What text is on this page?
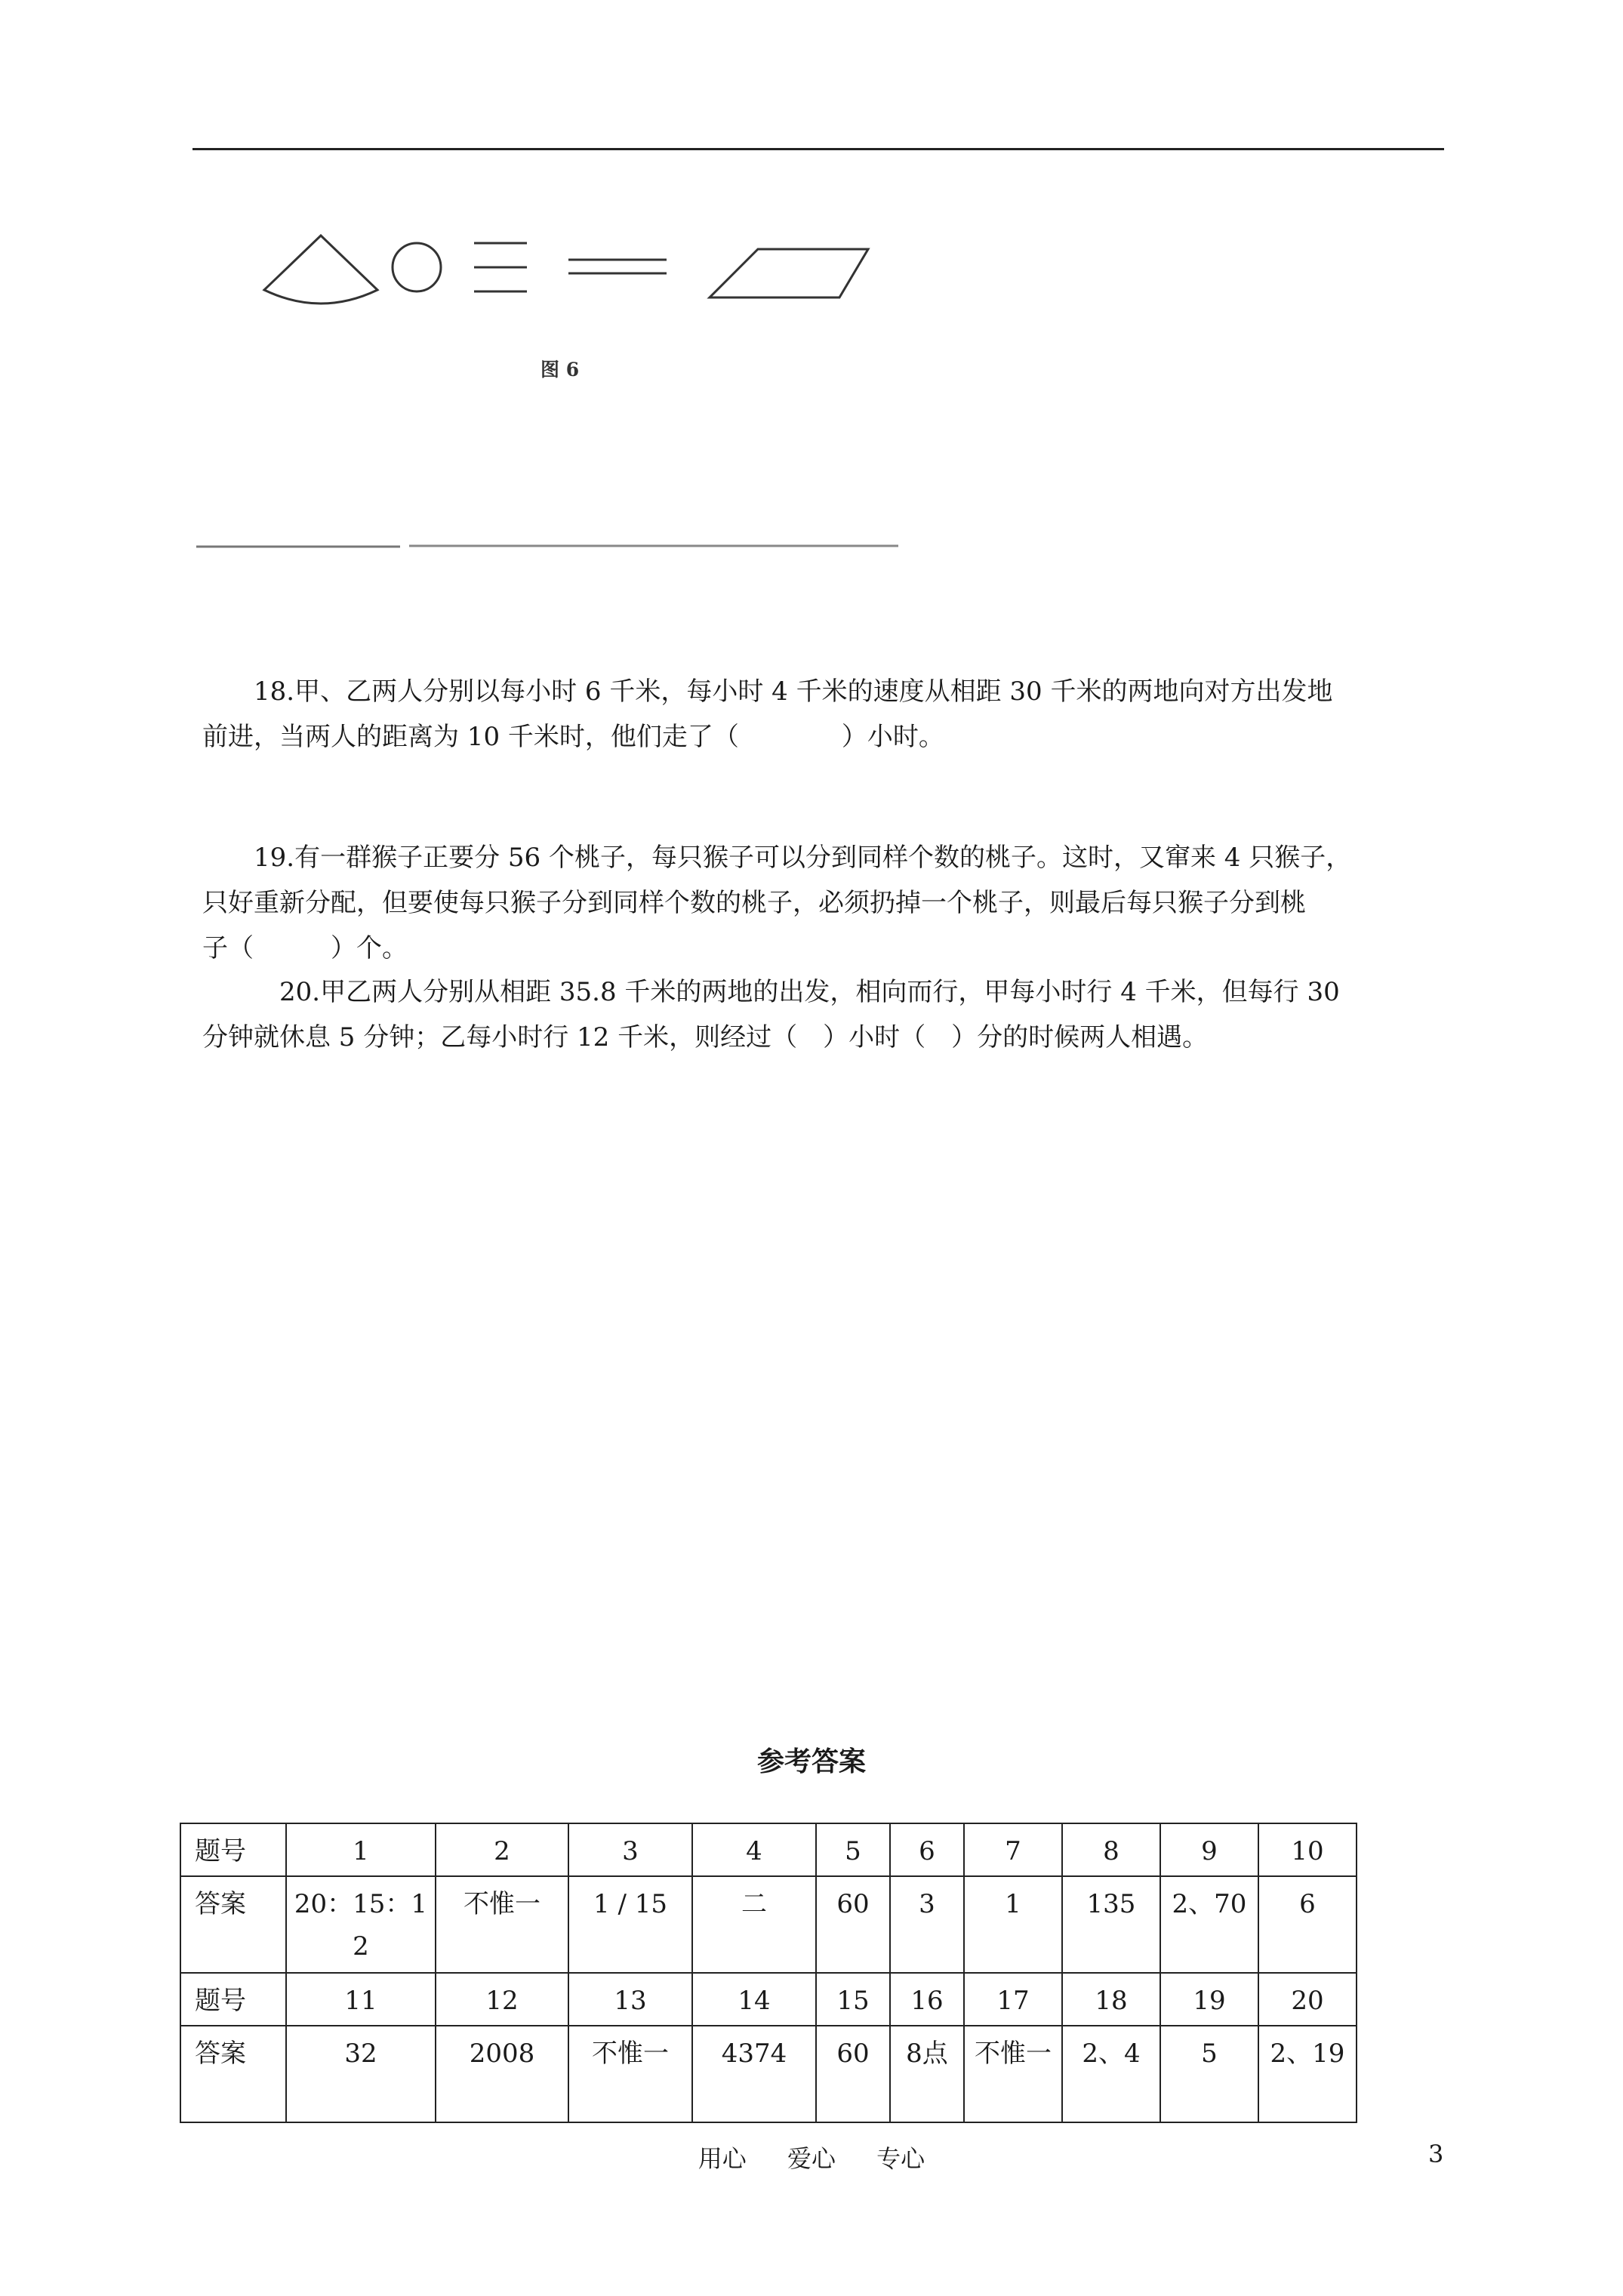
图 6

18.甲、乙两人分别以每小时 6 千米，每小时 4 千米的速度从相距 30 千米的两地向对方出发地

前进，当两人的距离为 10 千米时，他们走了（　　　　）小时。

19.有一群猴子正要分 56 个桃子，每只猴子可以分到同样个数的桃子。这时，又窜来 4 只猴子，

只好重新分配，但要使每只猴子分到同样个数的桃子，必须扔掉一个桃子，则最后每只猴子分到桃

子（　　　）个。

20.甲乙两人分别从相距 35.8 千米的两地的出发，相向而行，甲每小时行 4 千米，但每行 30

分钟就休息 5 分钟；乙每小时行 12 千米，则经过（　）小时（　）分的时候两人相遇。

参考答案
题号	1	2	3	4	5	6	7	8	9	10
答案	20：15：12	不惟一	1 / 15	二	60	3	1	135	2、70	6
题号	11	12	13	14	15	16	17	18	19	20
答案	32	2008	不惟一	4374	60	8点	不惟一	2、4	5	2、19
用心 爱心 专心	3
